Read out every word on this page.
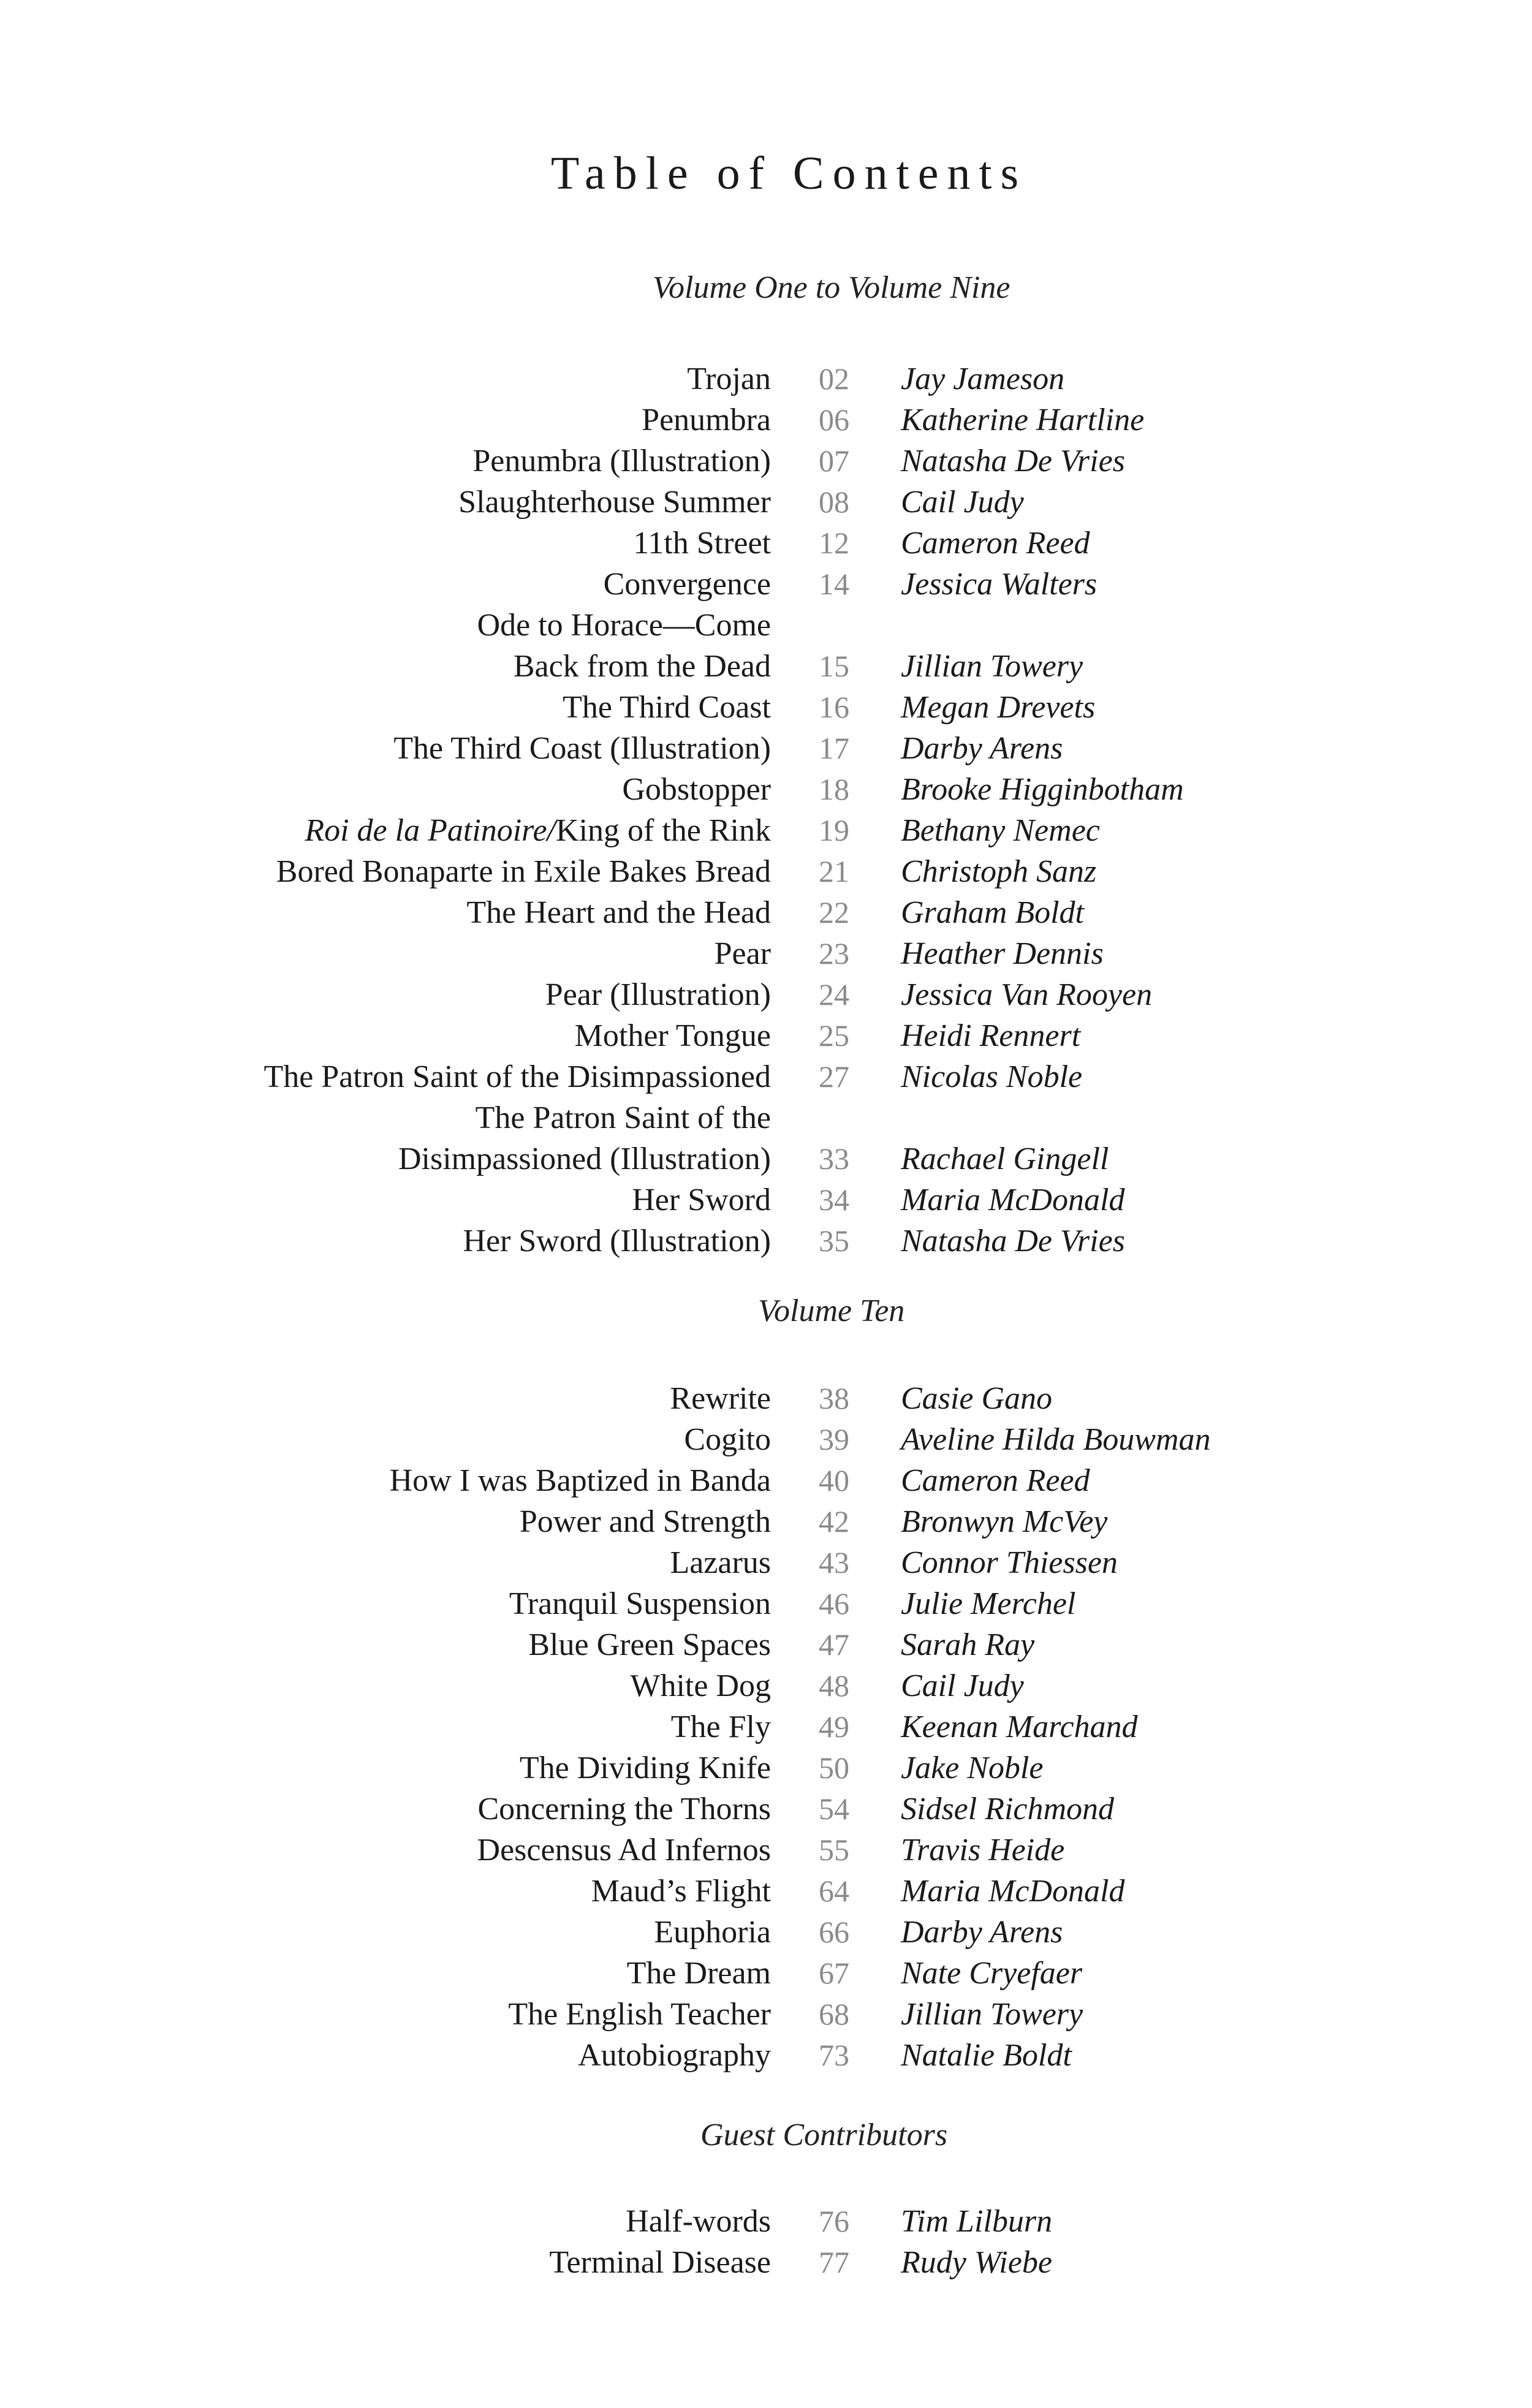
Table of Contents
Volume One to Volume Nine
Trojan 02 Jay Jameson
Penumbra 06 Katherine Hartline
Penumbra (Illustration) 07 Natasha De Vries
Slaughterhouse Summer 08 Cail Judy
11th Street 12 Cameron Reed
Convergence 14 Jessica Walters
Ode to Horace—Come
Back from the Dead 15 Jillian Towery
The Third Coast 16 Megan Drevets
The Third Coast (Illustration) 17 Darby Arens
Gobstopper 18 Brooke Higginbotham
Roi de la Patinoire/King of the Rink 19 Bethany Nemec
Bored Bonaparte in Exile Bakes Bread 21 Christoph Sanz
The Heart and the Head 22 Graham Boldt
Pear 23 Heather Dennis
Pear (Illustration) 24 Jessica Van Rooyen
Mother Tongue 25 Heidi Rennert
The Patron Saint of the Disimpassioned 27 Nicolas Noble
The Patron Saint of the
Disimpassioned (Illustration) 33 Rachael Gingell
Her Sword 34 Maria McDonald
Her Sword (Illustration) 35 Natasha De Vries
Volume Ten
Rewrite 38 Casie Gano
Cogito 39 Aveline Hilda Bouwman
How I was Baptized in Banda 40 Cameron Reed
Power and Strength 42 Bronwyn McVey
Lazarus 43 Connor Thiessen
Tranquil Suspension 46 Julie Merchel
Blue Green Spaces 47 Sarah Ray
White Dog 48 Cail Judy
The Fly 49 Keenan Marchand
The Dividing Knife 50 Jake Noble
Concerning the Thorns 54 Sidsel Richmond
Descensus Ad Infernos 55 Travis Heide
Maud’s Flight 64 Maria McDonald
Euphoria 66 Darby Arens
The Dream 67 Nate Cryefaer
The English Teacher 68 Jillian Towery
Autobiography 73 Natalie Boldt
Guest Contributors
Half-words 76 Tim Lilburn
Terminal Disease 77 Rudy Wiebe
